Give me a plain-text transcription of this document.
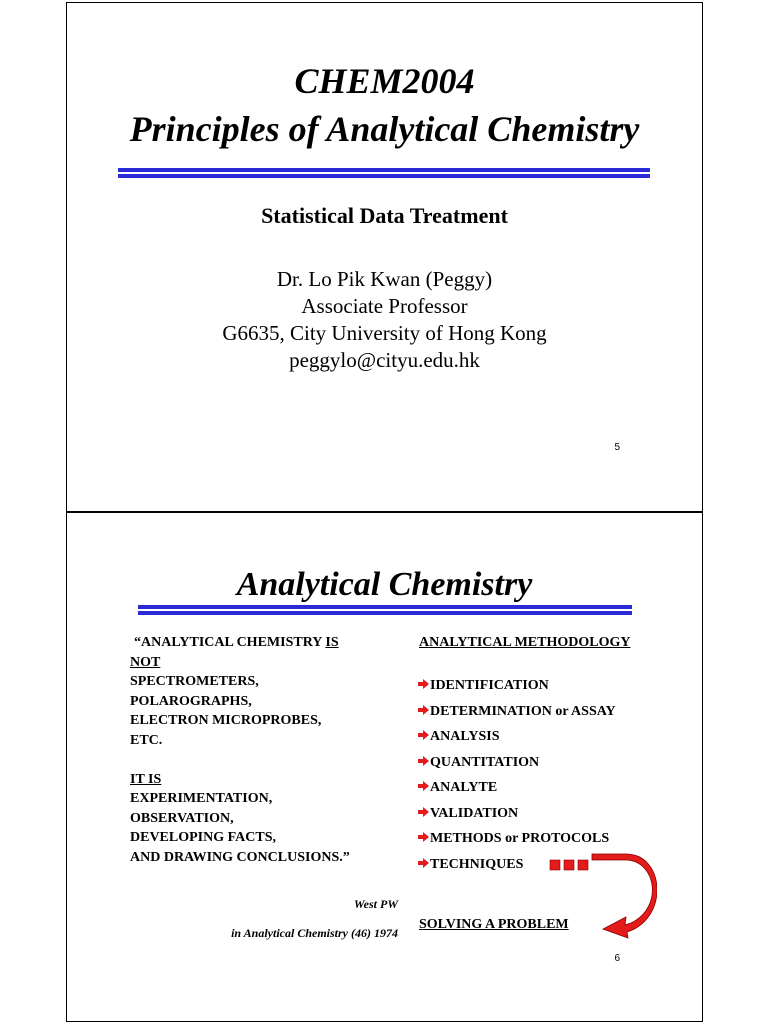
CHEM2004
Principles of Analytical Chemistry
Statistical Data Treatment
Dr. Lo Pik Kwan (Peggy)
Associate Professor
G6635, City University of Hong Kong
peggylo@cityu.edu.hk
5
Analytical Chemistry
“ANALYTICAL CHEMISTRY IS
NOT
SPECTROMETERS,
POLAROGRAPHS,
ELECTRON MICROPROBES,
ETC.
IT IS
EXPERIMENTATION,
OBSERVATION,
DEVELOPING FACTS,
AND DRAWING CONCLUSIONS.”
West PW
in Analytical Chemistry (46) 1974
ANALYTICAL METHODOLOGY
IDENTIFICATION
DETERMINATION or ASSAY
ANALYSIS
QUANTITATION
ANALYTE
VALIDATION
METHODS or PROTOCOLS
TECHNIQUES
SOLVING A PROBLEM
6
